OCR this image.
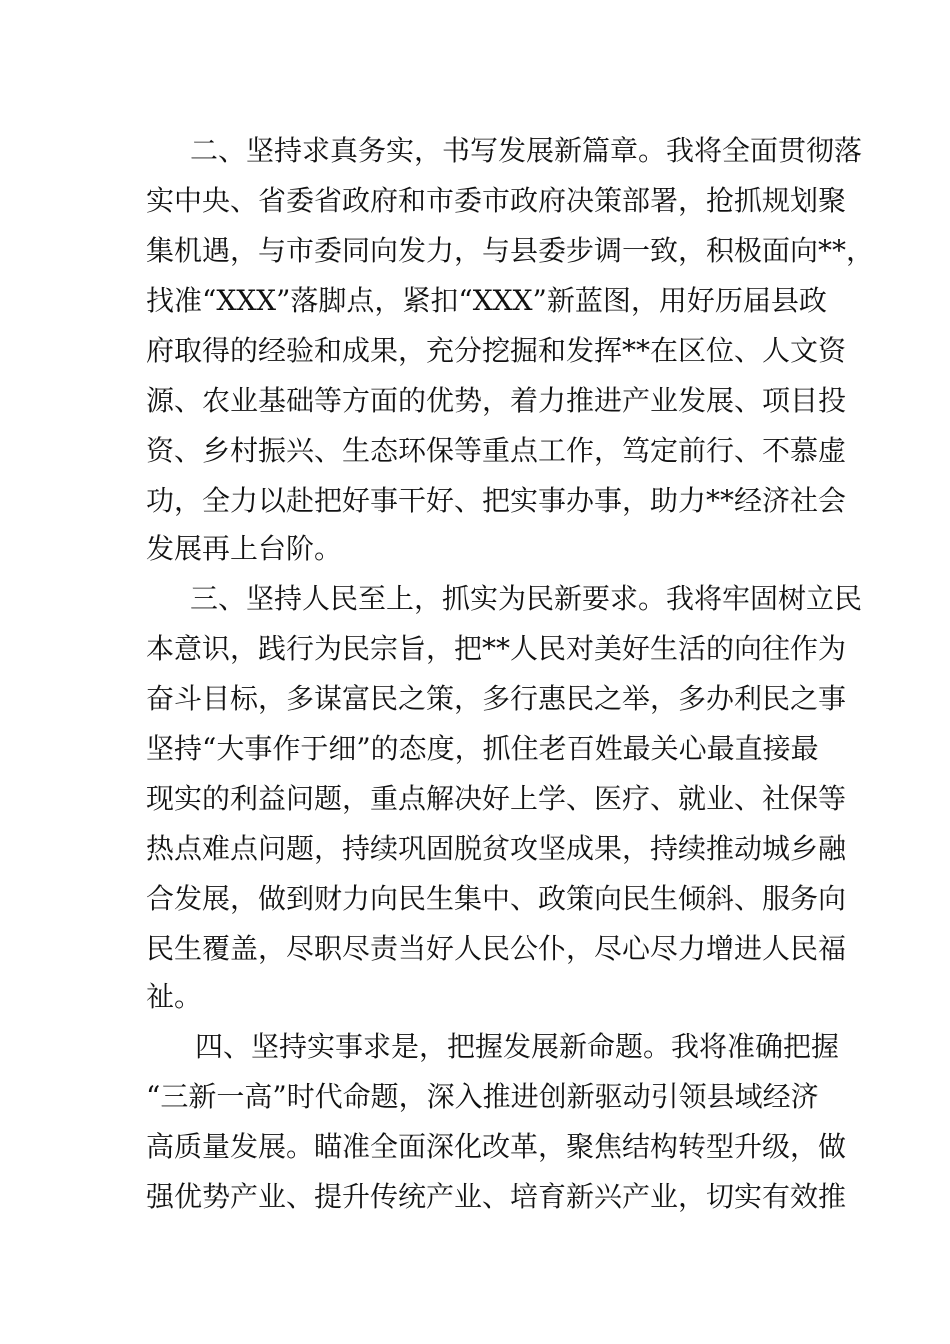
二、坚持求真务实，书写发展新篇章。我将全面贯彻落
实中央、省委省政府和市委市政府决策部署，抢抓规划聚
集机遇，与市委同向发力，与县委步调一致，积极面向**，
找准“XXX”落脚点，紧扣“XXX”新蓝图，用好历届县政
府取得的经验和成果，充分挖掘和发挥**在区位、人文资
源、农业基础等方面的优势，着力推进产业发展、项目投
资、乡村振兴、生态环保等重点工作，笃定前行、不慕虚
功，全力以赴把好事干好、把实事办事，助力**经济社会
发展再上台阶。
三、坚持人民至上，抓实为民新要求。我将牢固树立民
本意识，践行为民宗旨，把**人民对美好生活的向往作为
奋斗目标，多谋富民之策，多行惠民之举，多办利民之事
坚持“大事作于细”的态度，抓住老百姓最关心最直接最
现实的利益问题，重点解决好上学、医疗、就业、社保等
热点难点问题，持续巩固脱贫攻坚成果，持续推动城乡融
合发展，做到财力向民生集中、政策向民生倾斜、服务向
民生覆盖，尽职尽责当好人民公仆，尽心尽力增进人民福
祉。
四、坚持实事求是，把握发展新命题。我将准确把握
“三新一高”时代命题，深入推进创新驱动引领县域经济
高质量发展。瞄准全面深化改革，聚焦结构转型升级，做
强优势产业、提升传统产业、培育新兴产业，切实有效推
